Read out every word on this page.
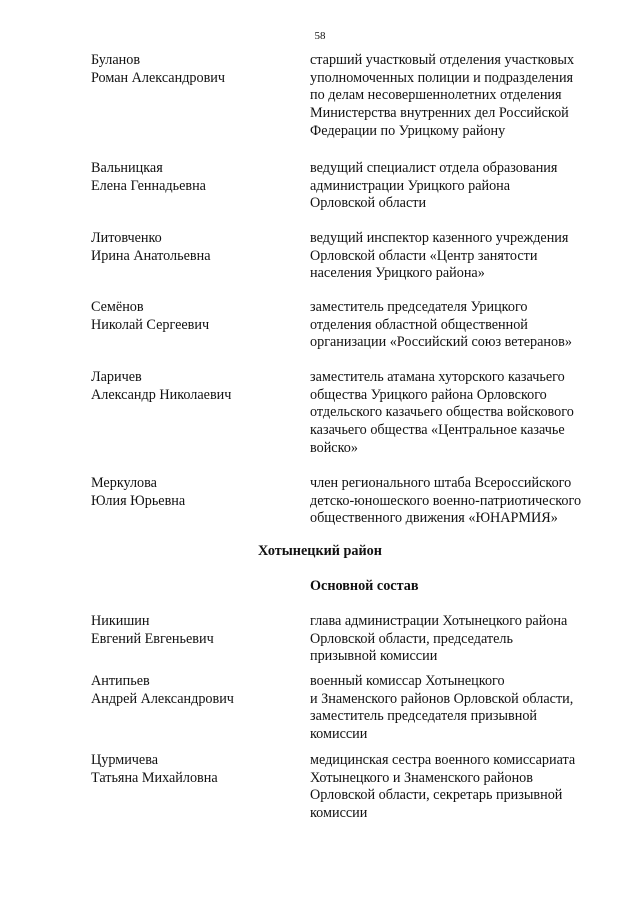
58
Буланов
Роман Александрович
старший участковый отделения участковых
уполномоченных полиции и подразделения
по делам несовершеннолетних отделения
Министерства внутренних дел Российской
Федерации по Урицкому району
Вальницкая
Елена Геннадьевна
ведущий специалист отдела образования
администрации Урицкого района
Орловской области
Литовченко
Ирина Анатольевна
ведущий инспектор казенного учреждения
Орловской области «Центр занятости
населения Урицкого района»
Семёнов
Николай Сергеевич
заместитель председателя Урицкого
отделения областной общественной
организации «Российский союз ветеранов»
Ларичев
Александр Николаевич
заместитель атамана хуторского казачьего
общества Урицкого района Орловского
отдельского казачьего общества войскового
казачьего общества «Центральное казачье
войско»
Меркулова
Юлия Юрьевна
член регионального штаба Всероссийского
детско-юношеского военно-патриотического
общественного движения «ЮНАРМИЯ»
Хотынецкий район
Основной состав
Никишин
Евгений Евгеньевич
глава администрации Хотынецкого района
Орловской области, председатель
призывной комиссии
Антипьев
Андрей Александрович
военный комиссар Хотынецкого
и Знаменского районов Орловской области,
заместитель председателя призывной
комиссии
Цурмичева
Татьяна Михайловна
медицинская сестра военного комиссариата
Хотынецкого и Знаменского районов
Орловской области, секретарь призывной
комиссии
